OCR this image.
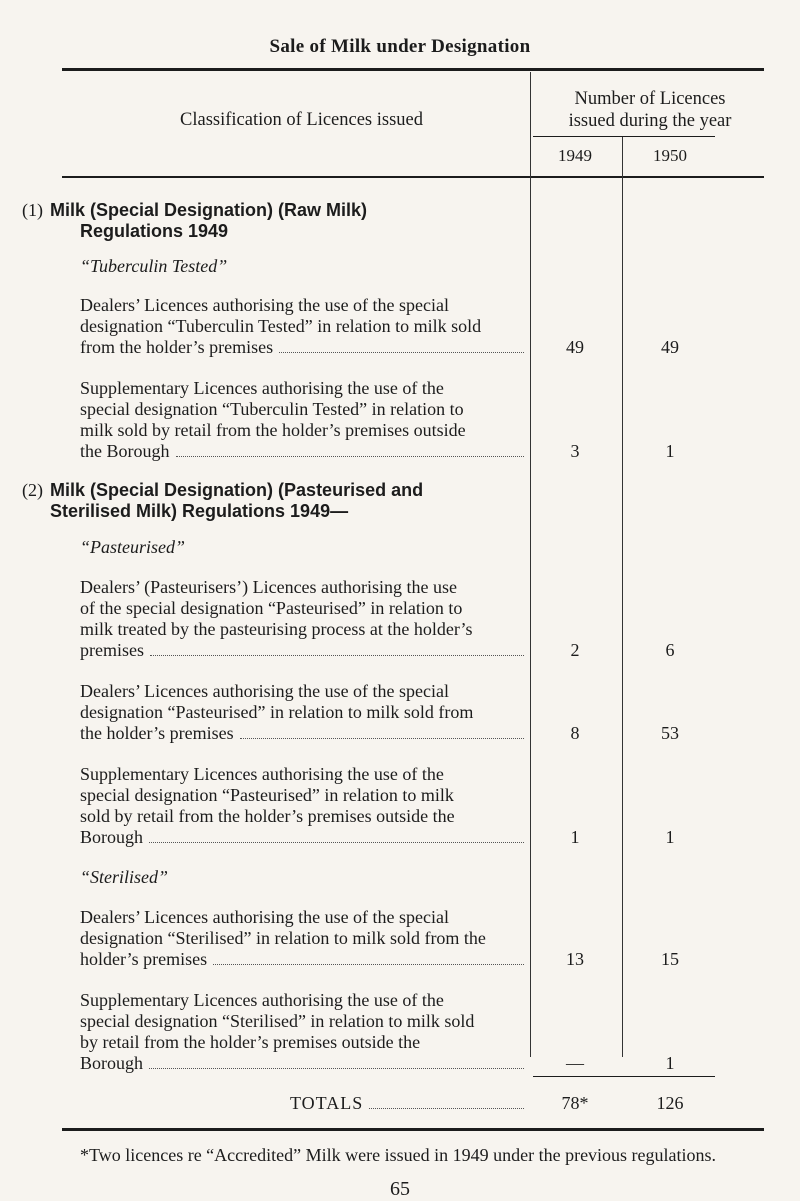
Sale of Milk under Designation
Classification of Licences issued
Number of Licences
issued during the year
1949	1950
(1) Milk (Special Designation) (Raw Milk)
Regulations 1949
“Tuberculin Tested”
Dealers’ Licences authorising the use of the special
designation “Tuberculin Tested” in relation to milk sold
from the holder’s premises	49	49
Supplementary Licences authorising the use of the
special designation “Tuberculin Tested” in relation to
milk sold by retail from the holder’s premises outside
the Borough	3	1
(2) Milk (Special Designation) (Pasteurised and
Sterilised Milk) Regulations 1949—
“Pasteurised”
Dealers’ (Pasteurisers’) Licences authorising the use
of the special designation “Pasteurised” in relation to
milk treated by the pasteurising process at the holder’s
premises	2	6
Dealers’ Licences authorising the use of the special
designation “Pasteurised” in relation to milk sold from
the holder’s premises	8	53
Supplementary Licences authorising the use of the
special designation “Pasteurised” in relation to milk
sold by retail from the holder’s premises outside the
Borough	1	1
“Sterilised”
Dealers’ Licences authorising the use of the special
designation “Sterilised” in relation to milk sold from the
holder’s premises	13	15
Supplementary Licences authorising the use of the
special designation “Sterilised” in relation to milk sold
by retail from the holder’s premises outside the
Borough	—	1
TOTALS	78*	126
*Two licences re “Accredited” Milk were issued in 1949 under the previous regulations.
65
